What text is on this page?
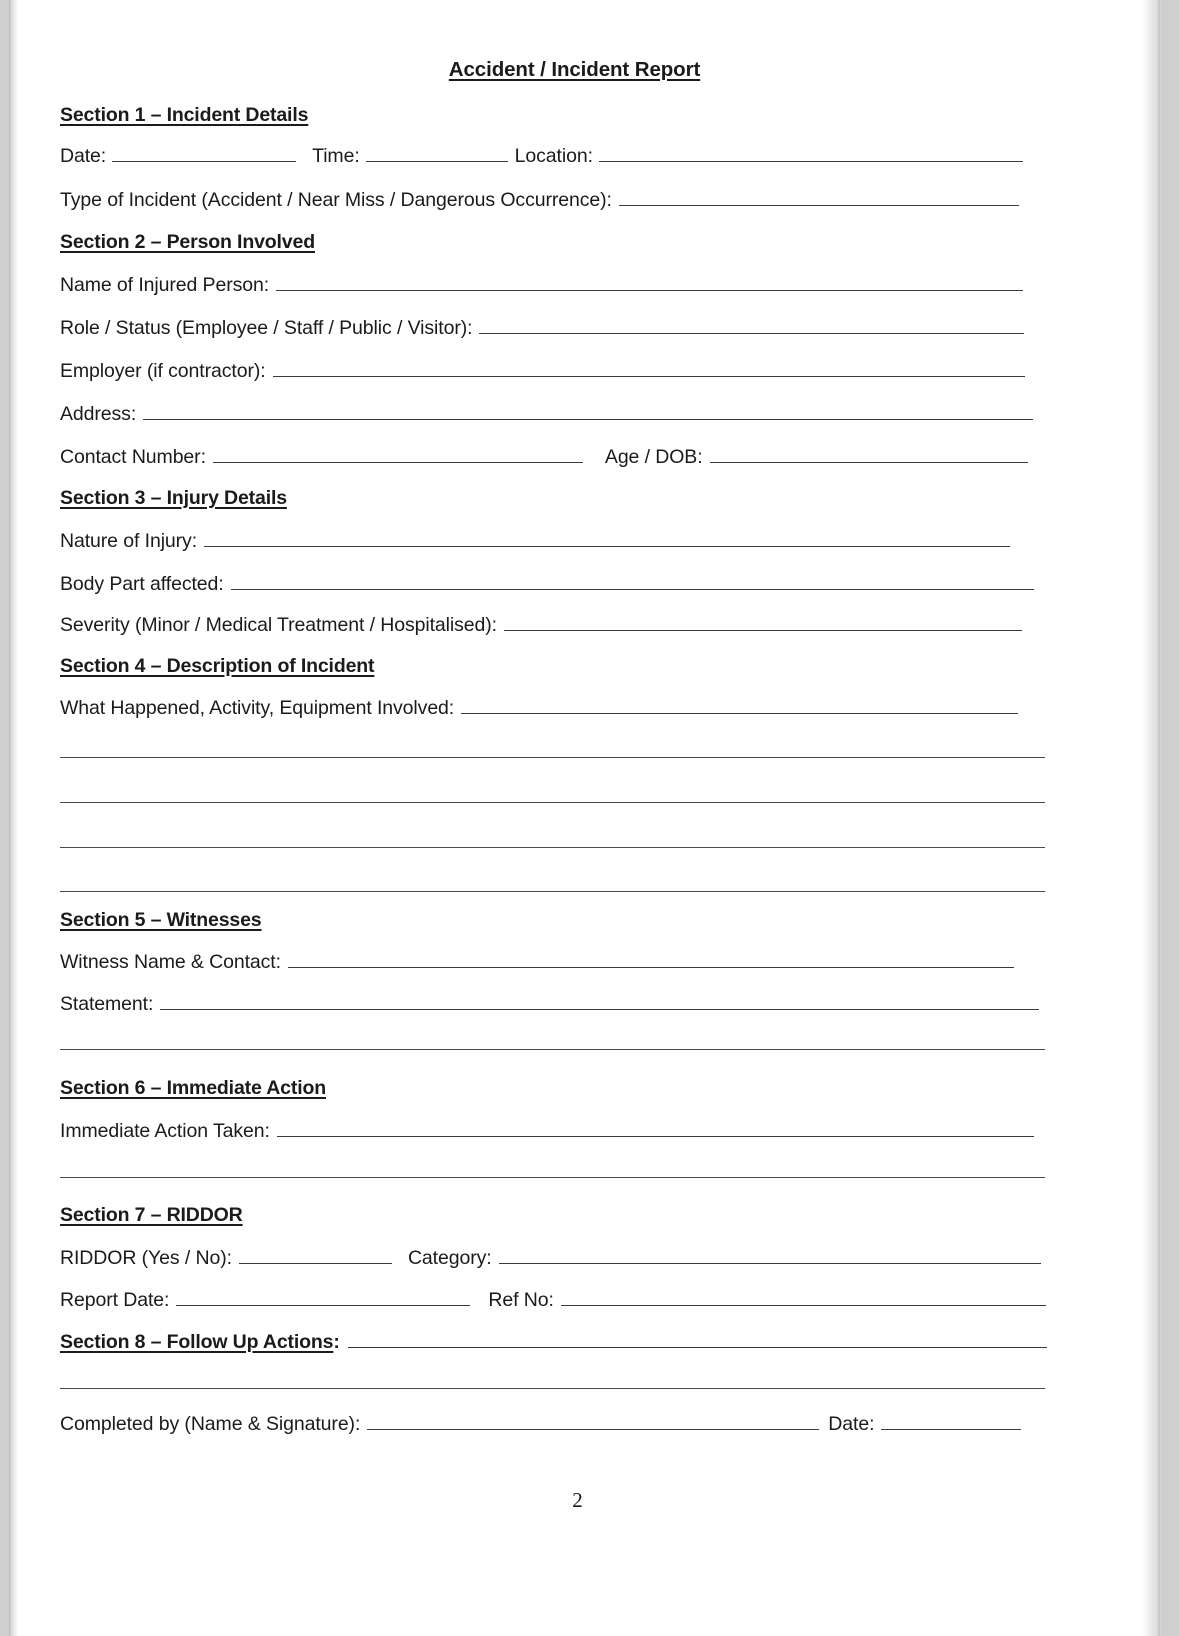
Accident / Incident Report
Section 1 – Incident Details
Date:	Time:	Location:
Type of Incident (Accident / Near Miss / Dangerous Occurrence):
Section 2 – Person Involved
Name of Injured Person:
Role / Status (Employee / Staff / Public / Visitor):
Employer (if contractor):
Address:
Contact Number:	Age / DOB:
Section 3 – Injury Details
Nature of Injury:
Body Part affected:
Severity (Minor / Medical Treatment / Hospitalised):
Section 4 – Description of Incident
What Happened, Activity, Equipment Involved:
Section 5 – Witnesses
Witness Name & Contact:
Statement:
Section 6 – Immediate Action
Immediate Action Taken:
Section 7 – RIDDOR
RIDDOR (Yes / No):	Category:
Report Date:	Ref No:
Section 8 – Follow Up Actions:
Completed by (Name & Signature):	Date:
2
